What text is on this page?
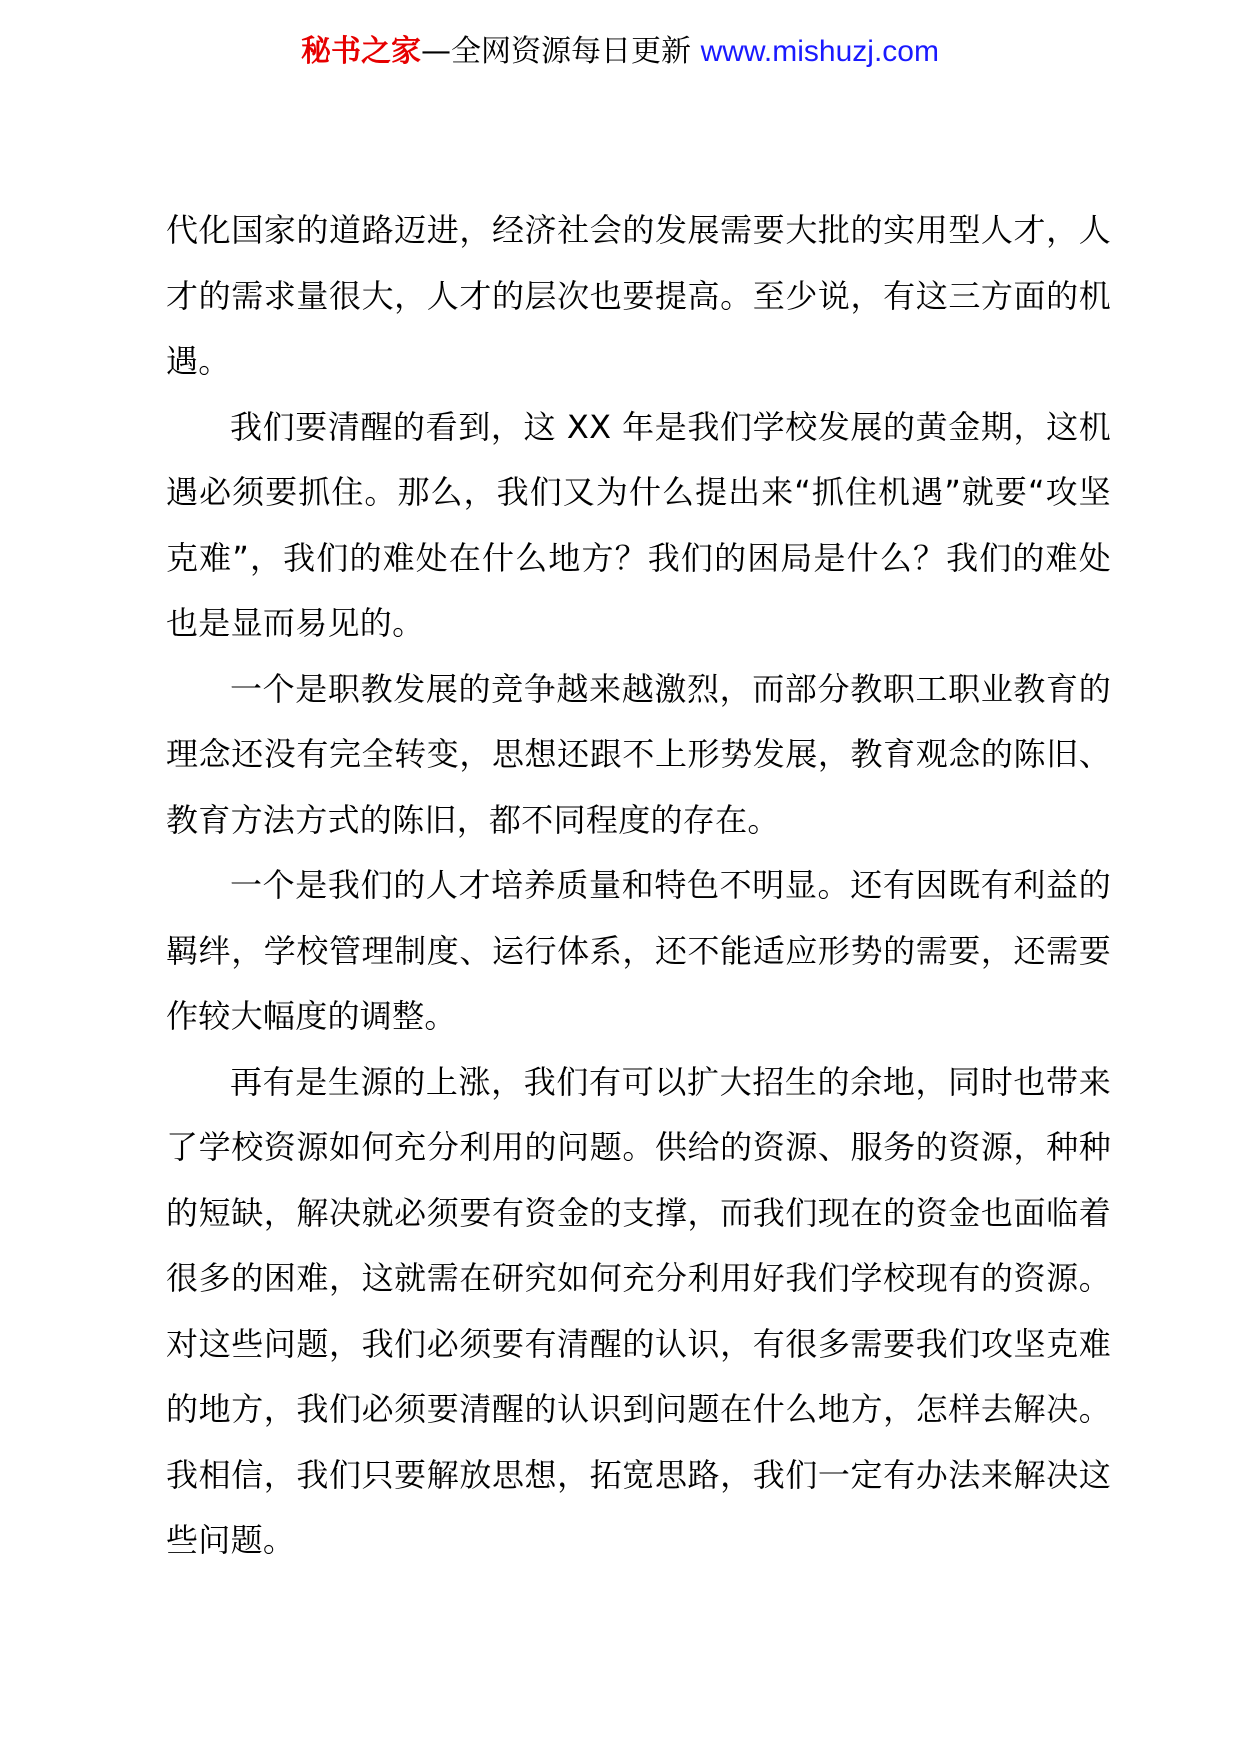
秘书之家—全网资源每日更新 www.mishuzj.com

代化国家的道路迈进，经济社会的发展需要大批的实用型人才，人才的需求量很大，人才的层次也要提高。至少说，有这三方面的机遇。

我们要清醒的看到，这 XX 年是我们学校发展的黄金期，这机遇必须要抓住。那么，我们又为什么提出来“抓住机遇”就要“攻坚克难”，我们的难处在什么地方？我们的困局是什么？我们的难处也是显而易见的。

一个是职教发展的竞争越来越激烈，而部分教职工职业教育的理念还没有完全转变，思想还跟不上形势发展，教育观念的陈旧、教育方法方式的陈旧，都不同程度的存在。

一个是我们的人才培养质量和特色不明显。还有因既有利益的羁绊，学校管理制度、运行体系，还不能适应形势的需要，还需要作较大幅度的调整。

再有是生源的上涨，我们有可以扩大招生的余地，同时也带来了学校资源如何充分利用的问题。供给的资源、服务的资源，种种的短缺，解决就必须要有资金的支撑，而我们现在的资金也面临着很多的困难，这就需在研究如何充分利用好我们学校现有的资源。对这些问题，我们必须要有清醒的认识，有很多需要我们攻坚克难的地方，我们必须要清醒的认识到问题在什么地方，怎样去解决。我相信，我们只要解放思想，拓宽思路，我们一定有办法来解决这些问题。
